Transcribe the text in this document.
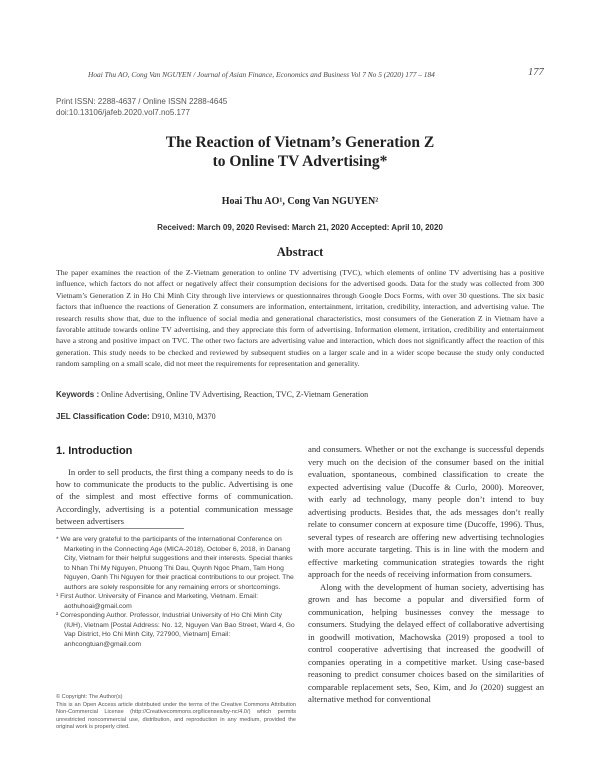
Hoai Thu AO, Cong Van NGUYEN / Journal of Asian Finance, Economics and Business Vol 7 No 5 (2020) 177 – 184	177
Print ISSN: 2288-4637 / Online ISSN 2288-4645
doi:10.13106/jafeb.2020.vol7.no5.177
The Reaction of Vietnam’s Generation Z
to Online TV Advertising*
Hoai Thu AO¹, Cong Van NGUYEN²
Received: March 09, 2020 Revised: March 21, 2020 Accepted: April 10, 2020
Abstract
The paper examines the reaction of the Z-Vietnam generation to online TV advertising (TVC), which elements of online TV advertising has a positive influence, which factors do not affect or negatively affect their consumption decisions for the advertised goods. Data for the study was collected from 300 Vietnam’s Generation Z in Ho Chi Minh City through live interviews or questionnaires through Google Docs Forms, with over 30 questions. The six basic factors that influence the reactions of Generation Z consumers are information, entertainment, irritation, credibility, interaction, and advertising value. The research results show that, due to the influence of social media and generational characteristics, most consumers of the Generation Z in Vietnam have a favorable attitude towards online TV advertising, and they appreciate this form of advertising. Information element, irritation, credibility and entertainment have a strong and positive impact on TVC. The other two factors are advertising value and interaction, which does not significantly affect the reaction of this generation. This study needs to be checked and reviewed by subsequent studies on a larger scale and in a wider scope because the study only conducted random sampling on a small scale, did not meet the requirements for representation and generality.
Keywords : Online Advertising, Online TV Advertising, Reaction, TVC, Z-Vietnam Generation
JEL Classification Code: D910, M310, M370
1. Introduction

In order to sell products, the first thing a company needs to do is how to communicate the products to the public. Advertising is one of the simplest and most effective forms of communication. Accordingly, advertising is a potential communication message between advertisers

* We are very grateful to the participants of the International Conference on Marketing in the Connecting Age (MICA-2018), October 6, 2018, in Danang City, Vietnam for their helpful suggestions and their interests. Special thanks to Nhan Thi My Nguyen, Phuong Thi Dau, Quynh Ngoc Pham, Tam Hong Nguyen, Oanh Thi Nguyen for their practical contributions to our project. The authors are solely responsible for any remaining errors or shortcomings.

¹ First Author. University of Finance and Marketing, Vietnam. Email: aothuhoai@gmail.com

² Corresponding Author. Professor, Industrial University of Ho Chi Minh City (IUH), Vietnam [Postal Address: No. 12, Nguyen Van Bao Street, Ward 4, Go Vap District, Ho Chi Minh City, 727900, Vietnam] Email: anhcongtuan@gmail.com

© Copyright: The Author(s)
This is an Open Access article distributed under the terms of the Creative Commons Attribution Non-Commercial License (http://Creativecommons.org/licenses/by-nc/4.0/) which permits unrestricted noncommercial use, distribution, and reproduction in any medium, provided the original work is properly cited.

and consumers. Whether or not the exchange is successful depends very much on the decision of the consumer based on the initial evaluation, spontaneous, combined classification to create the expected advertising value (Ducoffe & Curlo, 2000). Moreover, with early ad technology, many people don’t intend to buy advertising products. Besides that, the ads messages don’t really relate to consumer concern at exposure time (Ducoffe, 1996). Thus, several types of research are offering new advertising technologies with more accurate targeting. This is in line with the modern and effective marketing communication strategies towards the right approach for the needs of receiving information from consumers.

Along with the development of human society, advertising has grown and has become a popular and diversified form of communication, helping businesses convey the message to consumers. Studying the delayed effect of collaborative advertising in goodwill motivation, Machowska (2019) proposed a tool to control cooperative advertising that increased the goodwill of companies operating in a competitive market. Using case-based reasoning to predict consumer choices based on the similarities of comparable replacement sets, Seo, Kim, and Jo (2020) suggest an alternative method for conventional
